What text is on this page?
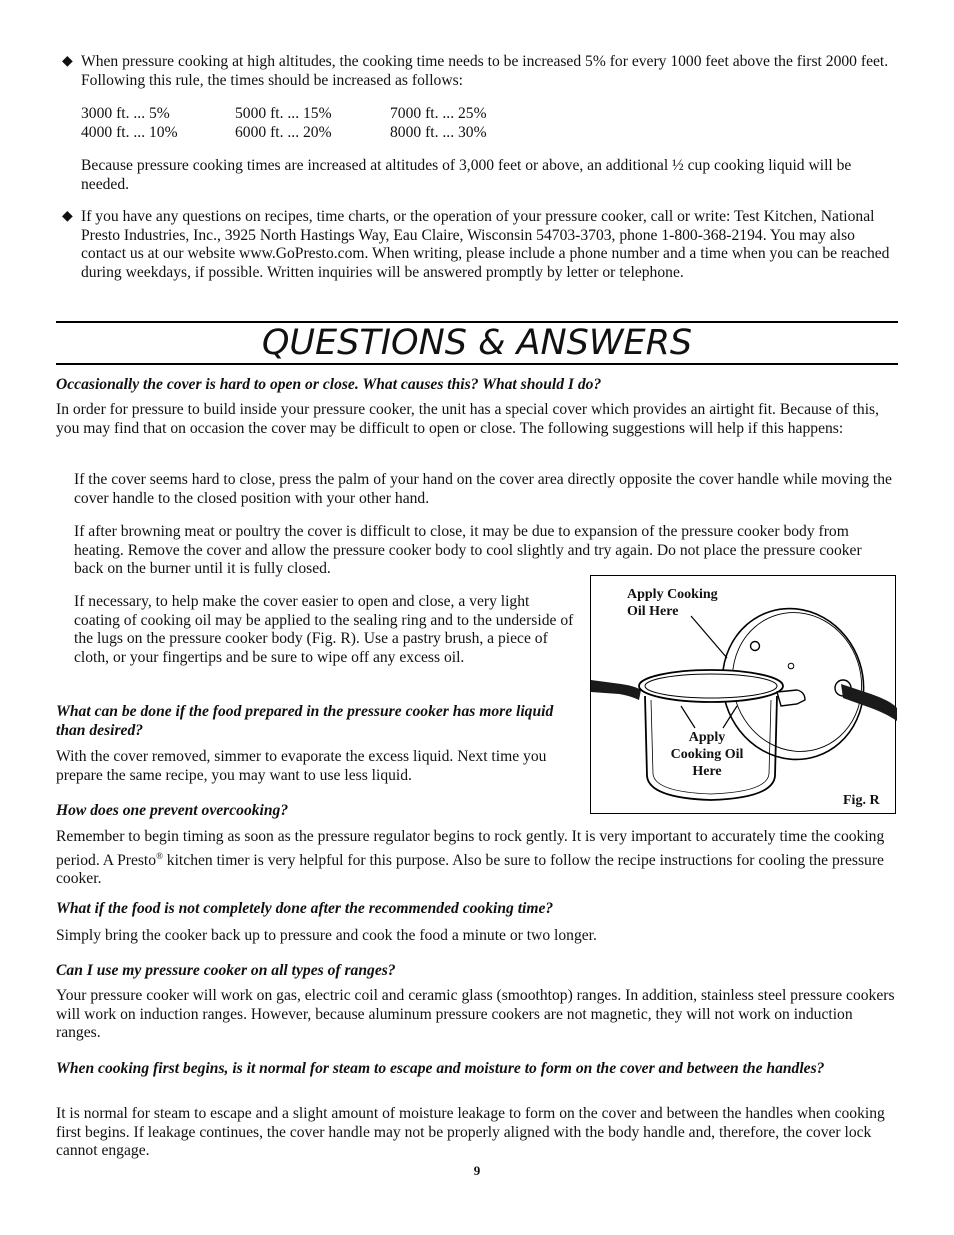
◆ When pressure cooking at high altitudes, the cooking time needs to be increased 5% for every 1000 feet above the first 2000 feet. Following this rule, the times should be increased as follows:

3000 ft. ... 5%	5000 ft. ... 15%	7000 ft. ... 25%
4000 ft. ... 10%	6000 ft. ... 20%	8000 ft. ... 30%

Because pressure cooking times are increased at altitudes of 3,000 feet or above, an additional ½ cup cooking liquid will be needed.

◆ If you have any questions on recipes, time charts, or the operation of your pressure cooker, call or write: Test Kitchen, National Presto Industries, Inc., 3925 North Hastings Way, Eau Claire, Wisconsin 54703-3703, phone 1-800-368-2194. You may also contact us at our website www.GoPresto.com. When writing, please include a phone number and a time when you can be reached during weekdays, if possible. Written inquiries will be answered promptly by letter or telephone.

QUESTIONS & ANSWERS

Occasionally the cover is hard to open or close. What causes this? What should I do?

In order for pressure to build inside your pressure cooker, the unit has a special cover which provides an airtight fit. Because of this, you may find that on occasion the cover may be difficult to open or close. The following suggestions will help if this happens:

If the cover seems hard to close, press the palm of your hand on the cover area directly opposite the cover handle while moving the cover handle to the closed position with your other hand.

If after browning meat or poultry the cover is difficult to close, it may be due to expansion of the pressure cooker body from heating. Remove the cover and allow the pressure cooker body to cool slightly and try again. Do not place the pressure cooker back on the burner until it is fully closed.

If necessary, to help make the cover easier to open and close, a very light coating of cooking oil may be applied to the sealing ring and to the underside of the lugs on the pressure cooker body (Fig. R). Use a pastry brush, a piece of cloth, or your fingertips and be sure to wipe off any excess oil.

Apply Cooking
Oil Here
Apply
Cooking Oil
Here
Fig. R

What can be done if the food prepared in the pressure cooker has more liquid than desired?

With the cover removed, simmer to evaporate the excess liquid. Next time you prepare the same recipe, you may want to use less liquid.

How does one prevent overcooking?

Remember to begin timing as soon as the pressure regulator begins to rock gently. It is very important to accurately time the cooking period. A Presto® kitchen timer is very helpful for this purpose. Also be sure to follow the recipe instructions for cooling the pressure cooker.

What if the food is not completely done after the recommended cooking time?

Simply bring the cooker back up to pressure and cook the food a minute or two longer.

Can I use my pressure cooker on all types of ranges?

Your pressure cooker will work on gas, electric coil and ceramic glass (smoothtop) ranges. In addition, stainless steel pressure cookers will work on induction ranges. However, because aluminum pressure cookers are not magnetic, they will not work on induction ranges.

When cooking first begins, is it normal for steam to escape and moisture to form on the cover and between the handles?

It is normal for steam to escape and a slight amount of moisture leakage to form on the cover and between the handles when cooking first begins. If leakage continues, the cover handle may not be properly aligned with the body handle and, therefore, the cover lock cannot engage.

9
